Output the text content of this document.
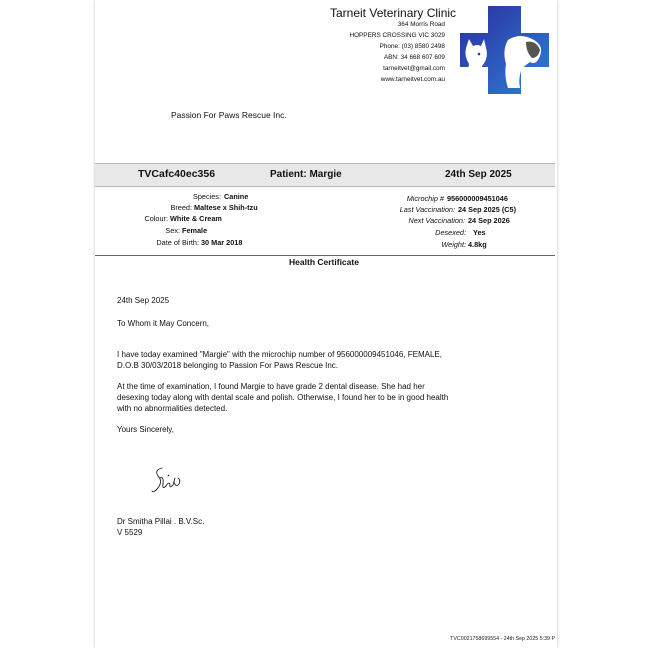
Tarneit Veterinary Clinic
364 Morris Road
HOPPERS CROSSING VIC 3029
Phone: (03) 8580 2498
ABN: 34 668 607 609
tarneitvet@gmail.com
www.tarneitvet.com.au
Passion For Paws Rescue Inc.
TVCafc40ec356	Patient: Margie	24th Sep 2025
Species: Canine
Breed: Maltese x Shih-tzu
Colour: White & Cream
Sex: Female
Date of Birth: 30 Mar 2018
Microchip # 956000009451046
Last Vaccination: 24 Sep 2025 (C5)
Next Vaccination: 24 Sep 2026
Desexed: Yes
Weight: 4.8kg
Health Certificate
24th Sep 2025
To Whom it May Concern,
I have today examined "Margie" with the microchip number of 956000009451046, FEMALE,
D.O.B 30/03/2018 belonging to Passion For Paws Rescue Inc.
At the time of examination, I found Margie to have grade 2 dental disease. She had her
desexing today along with dental scale and polish. Otherwise, I found her to be in good health
with no abnormalities detected.
Yours Sincerely,
Dr Smitha Pillai . B.V.Sc.
V 5529
TVC0021758699554 - 24th Sep 2025 5:39 P
